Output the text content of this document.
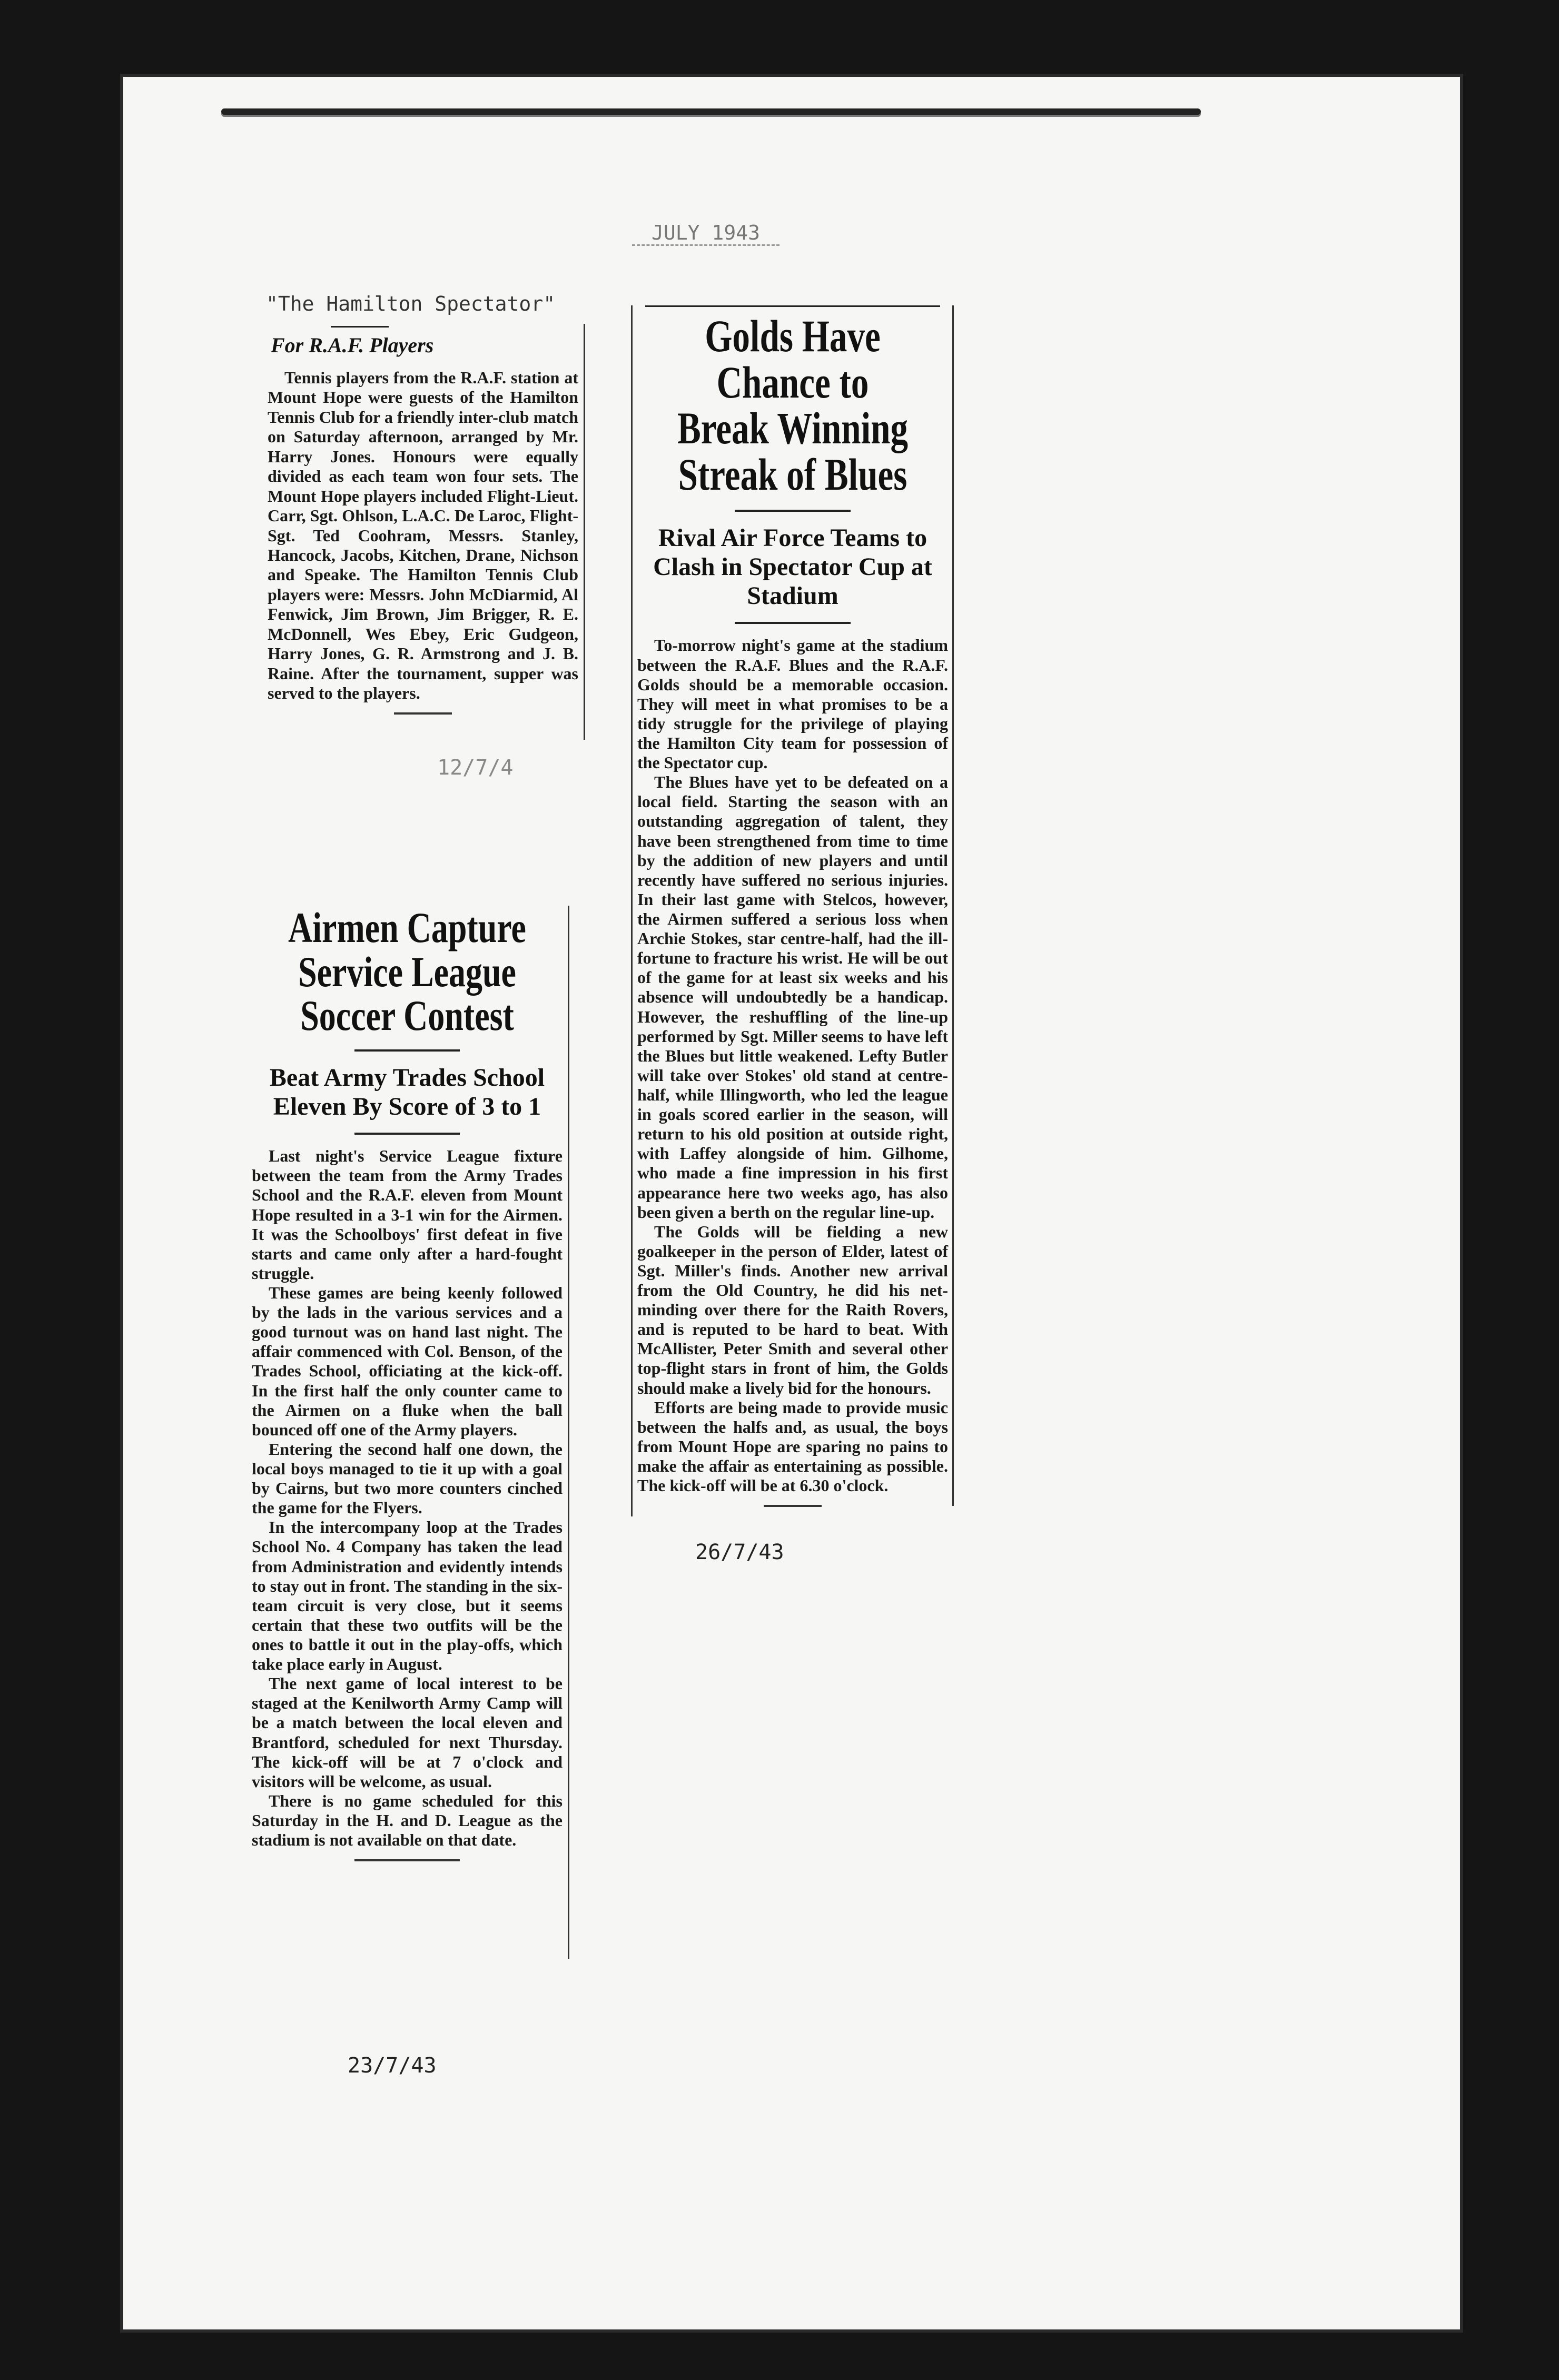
JULY 1943
"The Hamilton Spectator"

For R.A.F. Players

Tennis players from the R.A.F. station at Mount Hope were guests of the Hamilton Tennis Club for a friendly inter-club match on Saturday afternoon, arranged by Mr. Harry Jones. Honours were equally divided as each team won four sets. The Mount Hope players included Flight-Lieut. Carr, Sgt. Ohlson, L.A.C. De Laroc, Flight-Sgt. Ted Coohram, Messrs. Stanley, Hancock, Jacobs, Kitchen, Drane, Nichson and Speake. The Hamilton Tennis Club players were: Messrs. John McDiarmid, Al Fenwick, Jim Brown, Jim Brigger, R. E. McDonnell, Wes Ebey, Eric Gudgeon, Harry Jones, G. R. Armstrong and J. B. Raine. After the tournament, supper was served to the players.

12/7/4
Airmen Capture Service League Soccer Contest
Beat Army Trades School Eleven By Score of 3 to 1

Last night's Service League fixture between the team from the Army Trades School and the R.A.F. eleven from Mount Hope resulted in a 3-1 win for the Airmen. It was the Schoolboys' first defeat in five starts and came only after a hard-fought struggle.

These games are being keenly followed by the lads in the various services and a good turnout was on hand last night. The affair commenced with Col. Benson, of the Trades School, officiating at the kick-off. In the first half the only counter came to the Airmen on a fluke when the ball bounced off one of the Army players.

Entering the second half one down, the local boys managed to tie it up with a goal by Cairns, but two more counters cinched the game for the Flyers.

In the intercompany loop at the Trades School No. 4 Company has taken the lead from Administration and evidently intends to stay out in front. The standing in the six-team circuit is very close, but it seems certain that these two outfits will be the ones to battle it out in the play-offs, which take place early in August.

The next game of local interest to be staged at the Kenilworth Army Camp will be a match between the local eleven and Brantford, scheduled for next Thursday. The kick-off will be at 7 o'clock and visitors will be welcome, as usual.

There is no game scheduled for this Saturday in the H. and D. League as the stadium is not available on that date.

23/7/43
Golds Have Chance to Break Winning Streak of Blues
Rival Air Force Teams to Clash in Spectator Cup at Stadium

To-morrow night's game at the stadium between the R.A.F. Blues and the R.A.F. Golds should be a memorable occasion. They will meet in what promises to be a tidy struggle for the privilege of playing the Hamilton City team for possession of the Spectator cup.

The Blues have yet to be defeated on a local field. Starting the season with an outstanding aggregation of talent, they have been strengthened from time to time by the addition of new players and until recently have suffered no serious injuries. In their last game with Stelcos, however, the Airmen suffered a serious loss when Archie Stokes, star centre-half, had the ill-fortune to fracture his wrist. He will be out of the game for at least six weeks and his absence will undoubtedly be a handicap. However, the reshuffling of the line-up performed by Sgt. Miller seems to have left the Blues but little weakened. Lefty Butler will take over Stokes' old stand at centre-half, while Illingworth, who led the league in goals scored earlier in the season, will return to his old position at outside right, with Laffey alongside of him. Gilhome, who made a fine impression in his first appearance here two weeks ago, has also been given a berth on the regular line-up.

The Golds will be fielding a new goalkeeper in the person of Elder, latest of Sgt. Miller's finds. Another new arrival from the Old Country, he did his net-minding over there for the Raith Rovers, and is reputed to be hard to beat. With McAllister, Peter Smith and several other top-flight stars in front of him, the Golds should make a lively bid for the honours.

Efforts are being made to provide music between the halfs and, as usual, the boys from Mount Hope are sparing no pains to make the affair as entertaining as possible. The kick-off will be at 6.30 o'clock.

26/7/43
